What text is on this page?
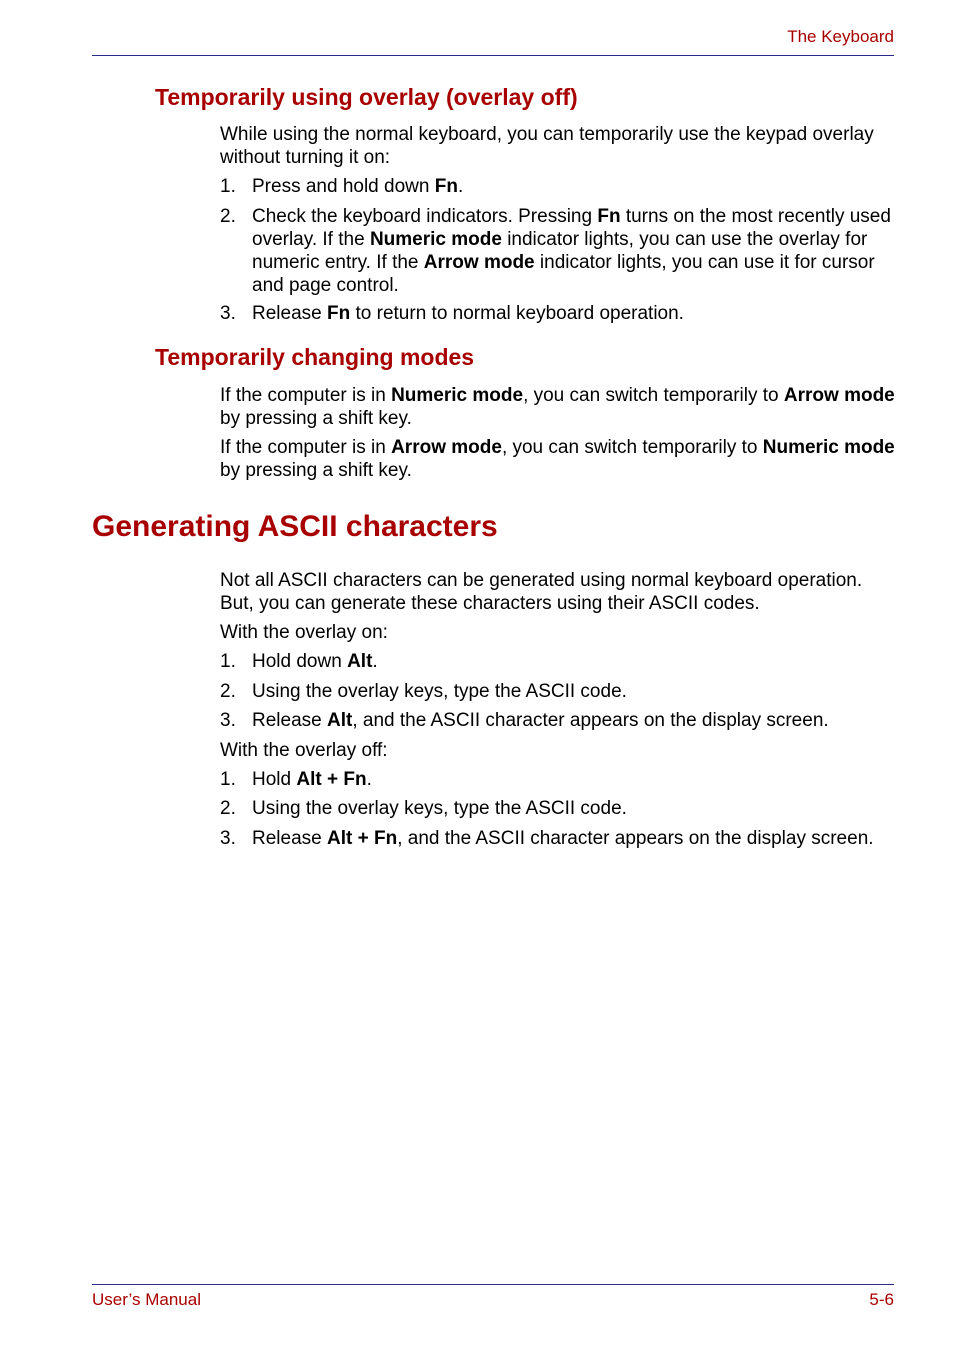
The Keyboard
Temporarily using overlay (overlay off)

While using the normal keyboard, you can temporarily use the keypad overlay without turning it on:

1. Press and hold down Fn.
2. Check the keyboard indicators. Pressing Fn turns on the most recently used overlay. If the Numeric mode indicator lights, you can use the overlay for numeric entry. If the Arrow mode indicator lights, you can use it for cursor and page control.
3. Release Fn to return to normal keyboard operation.
Temporarily changing modes

If the computer is in Numeric mode, you can switch temporarily to Arrow mode by pressing a shift key.

If the computer is in Arrow mode, you can switch temporarily to Numeric mode by pressing a shift key.

Generating ASCII characters

Not all ASCII characters can be generated using normal keyboard operation. But, you can generate these characters using their ASCII codes.

With the overlay on:

1. Hold down Alt.
2. Using the overlay keys, type the ASCII code.
3. Release Alt, and the ASCII character appears on the display screen.

With the overlay off:

1. Hold Alt + Fn.
2. Using the overlay keys, type the ASCII code.
3. Release Alt + Fn, and the ASCII character appears on the display screen.
User’s Manual	5-6
